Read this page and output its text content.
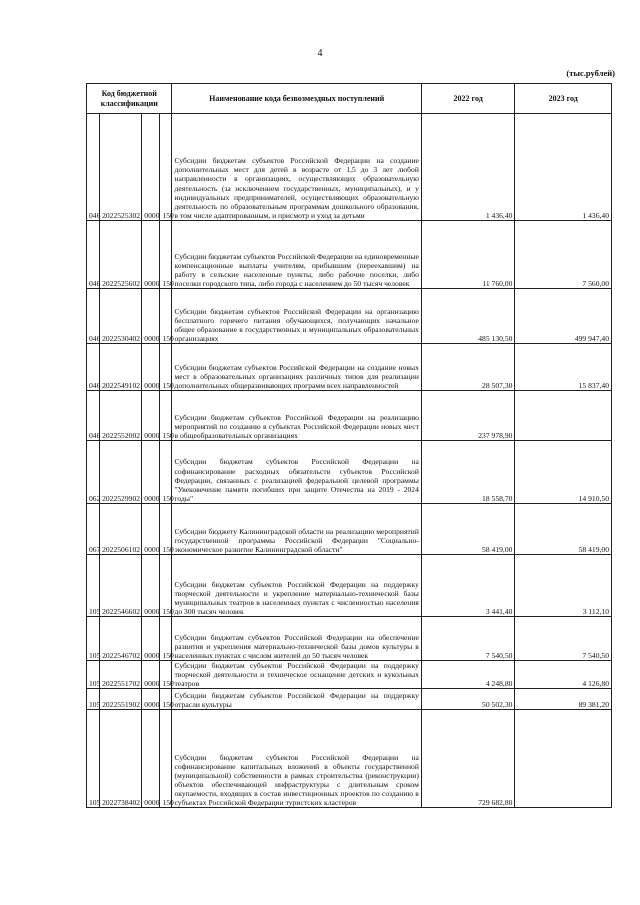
4
(тыс.рублей)
Код бюджетной классификации				Наименование кода безвозмездных поступлений	2022 год	2023 год
046	2022525302	0000	150	Субсидии бюджетам субъектов Российской Федерации на создание дополнительных мест для детей в возрасте от 1,5 до 3 лет любой направленности в организациях, осуществляющих образовательную деятельность (за исключением государственных, муниципальных), и у индивидуальных предпринимателей, осуществляющих образовательную деятельность по образовательным программам дошкольного образования, в том числе адаптированным, и присмотр и уход за детьми	1 436,40	1 436,40
046	2022525602	0000	150	Субсидии бюджетам субъектов Российской Федерации на единовременные компенсационные выплаты учителям, прибывшим (переехавшим) на работу в сельские населенные пункты, либо рабочие поселки, либо поселки городского типа, либо города с населением до 50 тысяч человек	11 760,00	7 560,00
046	2022530402	0000	150	Субсидии бюджетам субъектов Российской Федерации на организацию бесплатного горячего питания обучающихся, получающих начальное общее образование в государственных и муниципальных образовательных организациях	485 130,50	499 947,40
046	2022549102	0000	150	Субсидии бюджетам субъектов Российской Федерации на создание новых мест в образовательных организациях различных типов для реализации дополнительных общеразвивающих программ всех направленностей	28 507,30	15 837,40
046	2022552002	0000	150	Субсидии бюджетам субъектов Российской Федерации на реализацию мероприятий по созданию в субъектах Российской Федерации новых мест в общеобразовательных организациях	237 978,90	
062	2022529902	0000	150	Субсидии бюджетам субъектов Российской Федерации на софинансирование расходных обязательств субъектов Российской Федерации, связанных с реализацией федеральной целевой программы "Увековечение памяти погибших при защите Отечества на 2019 - 2024 годы"	18 558,70	14 910,50
067	2022506102	0000	150	Субсидии бюджету Калининградской области на реализацию мероприятий государственной программы Российской Федерации "Социально-экономическое развитие Калининградской области"	58 419,00	58 419,00
105	2022546602	0000	150	Субсидии бюджетам субъектов Российской Федерации на поддержку творческой деятельности и укрепление материально-технической базы муниципальных театров в населенных пунктах с численностью населения до 300 тысяч человек	3 441,40	3 112,10
105	2022546702	0000	150	Субсидии бюджетам субъектов Российской Федерации на обеспечение развития и укрепления материально-технической базы домов культуры в населенных пунктах с числом жителей до 50 тысяч человек	7 540,50	7 540,50
105	2022551702	0000	150	Субсидии бюджетам субъектов Российской Федерации на поддержку творческой деятельности и техническое оснащение детских и кукольных театров	4 248,80	4 126,80
105	2022551902	0000	150	Субсидии бюджетам субъектов Российской Федерации на поддержку отрасли культуры	50 502,30	89 381,20
105	2022738402	0000	150	Субсидии бюджетам субъектов Российской Федерации на софинансирование капитальных вложений в объекты государственной (муниципальной) собственности в рамках строительства (реконструкции) объектов обеспечивающей инфраструктуры с длительным сроком окупаемости, входящих в состав инвестиционных проектов по созданию в субъектах Российской Федерации туристских кластеров	729 682,80	
